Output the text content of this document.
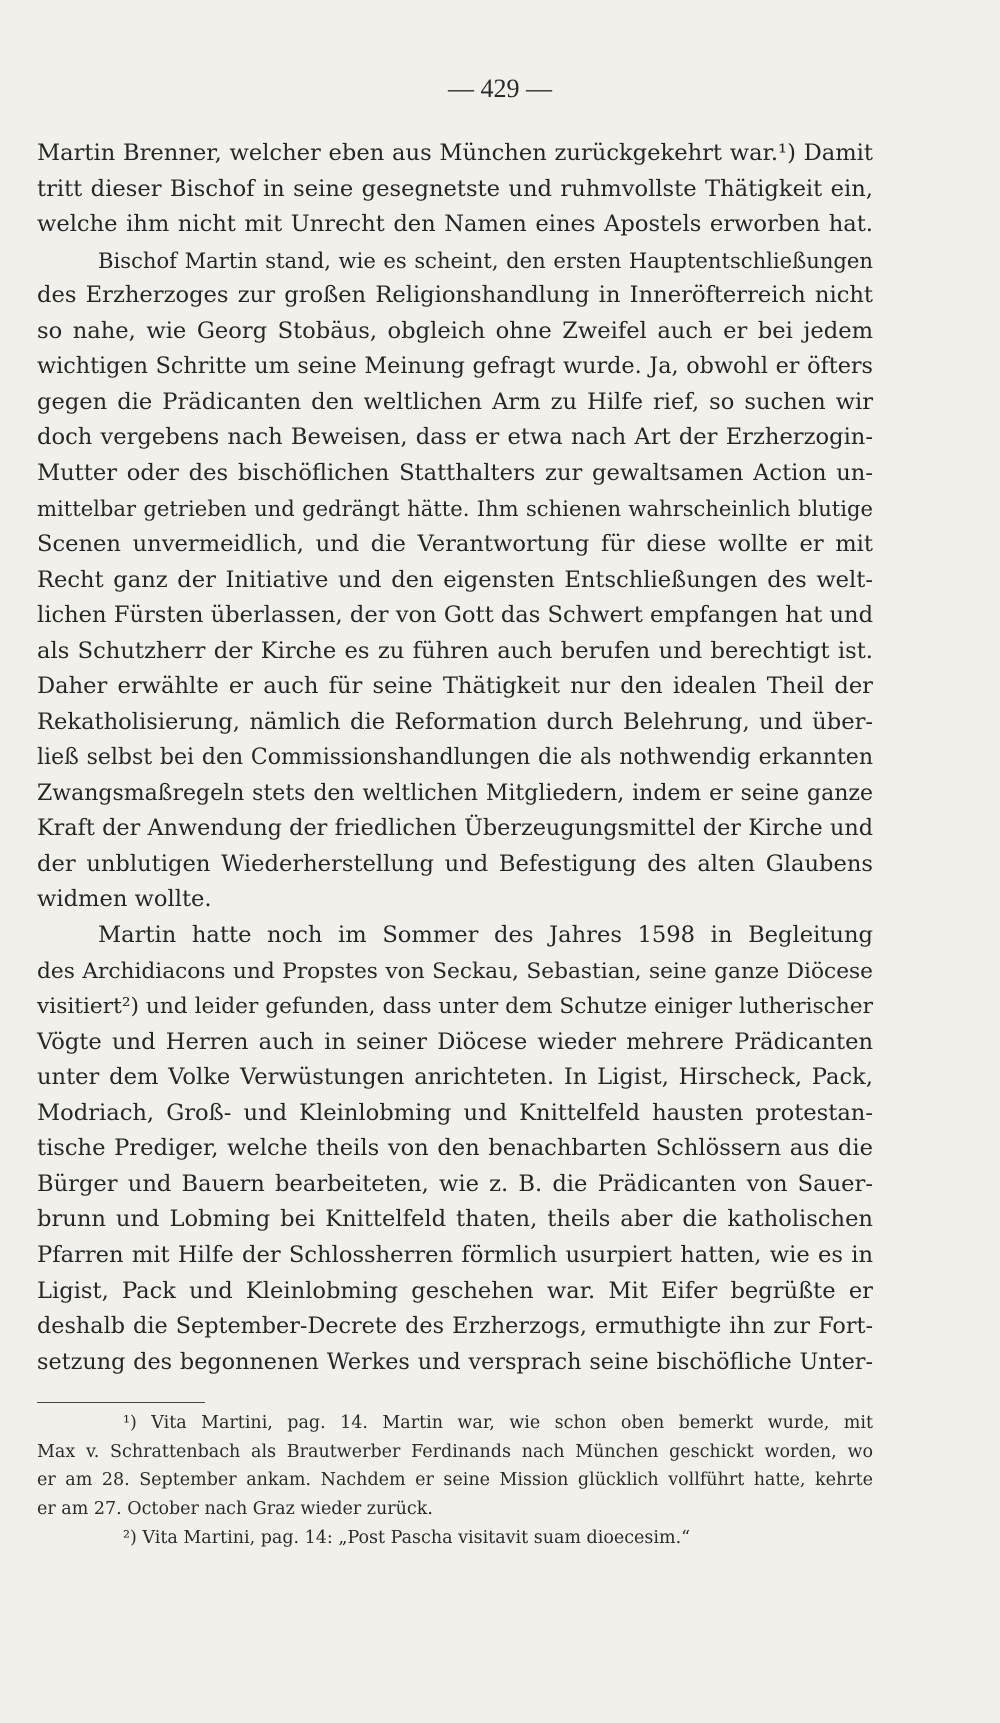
— 429 —
Martin Brenner, welcher eben aus München zurückgekehrt war.¹) Damit
tritt dieser Bischof in seine gesegnetste und ruhmvollste Thätigkeit ein,
welche ihm nicht mit Unrecht den Namen eines Apostels erworben hat.
Bischof Martin stand, wie es scheint, den ersten Hauptentschließungen
des Erzherzoges zur großen Religionshandlung in Inneröfterreich nicht
so nahe, wie Georg Stobäus, obgleich ohne Zweifel auch er bei jedem
wichtigen Schritte um seine Meinung gefragt wurde. Ja, obwohl er öfters
gegen die Prädicanten den weltlichen Arm zu Hilfe rief, so suchen wir
doch vergebens nach Beweisen, dass er etwa nach Art der Erzherzogin-
Mutter oder des bischöflichen Statthalters zur gewaltsamen Action un-
mittelbar getrieben und gedrängt hätte. Ihm schienen wahrscheinlich blutige
Scenen unvermeidlich, und die Verantwortung für diese wollte er mit
Recht ganz der Initiative und den eigensten Entschließungen des welt-
lichen Fürsten überlassen, der von Gott das Schwert empfangen hat und
als Schutzherr der Kirche es zu führen auch berufen und berechtigt ist.
Daher erwählte er auch für seine Thätigkeit nur den idealen Theil der
Rekatholisierung, nämlich die Reformation durch Belehrung, und über-
ließ selbst bei den Commissionshandlungen die als nothwendig erkannten
Zwangsmaßregeln stets den weltlichen Mitgliedern, indem er seine ganze
Kraft der Anwendung der friedlichen Überzeugungsmittel der Kirche und
der unblutigen Wiederherstellung und Befestigung des alten Glaubens
widmen wollte.
Martin hatte noch im Sommer des Jahres 1598 in Begleitung
des Archidiacons und Propstes von Seckau, Sebastian, seine ganze Diöcese
visitiert²) und leider gefunden, dass unter dem Schutze einiger lutherischer
Vögte und Herren auch in seiner Diöcese wieder mehrere Prädicanten
unter dem Volke Verwüstungen anrichteten. In Ligist, Hirscheck, Pack,
Modriach, Groß- und Kleinlobming und Knittelfeld hausten protestan-
tische Prediger, welche theils von den benachbarten Schlössern aus die
Bürger und Bauern bearbeiteten, wie z. B. die Prädicanten von Sauer-
brunn und Lobming bei Knittelfeld thaten, theils aber die katholischen
Pfarren mit Hilfe der Schlossherren förmlich usurpiert hatten, wie es in
Ligist, Pack und Kleinlobming geschehen war. Mit Eifer begrüßte er
deshalb die September-Decrete des Erzherzogs, ermuthigte ihn zur Fort-
setzung des begonnenen Werkes und versprach seine bischöfliche Unter-
¹) Vita Martini, pag. 14. Martin war, wie schon oben bemerkt wurde, mit
Max v. Schrattenbach als Brautwerber Ferdinands nach München geschickt worden, wo
er am 28. September ankam. Nachdem er seine Mission glücklich vollführt hatte, kehrte
er am 27. October nach Graz wieder zurück.
²) Vita Martini, pag. 14: „Post Pascha visitavit suam dioecesim.“
